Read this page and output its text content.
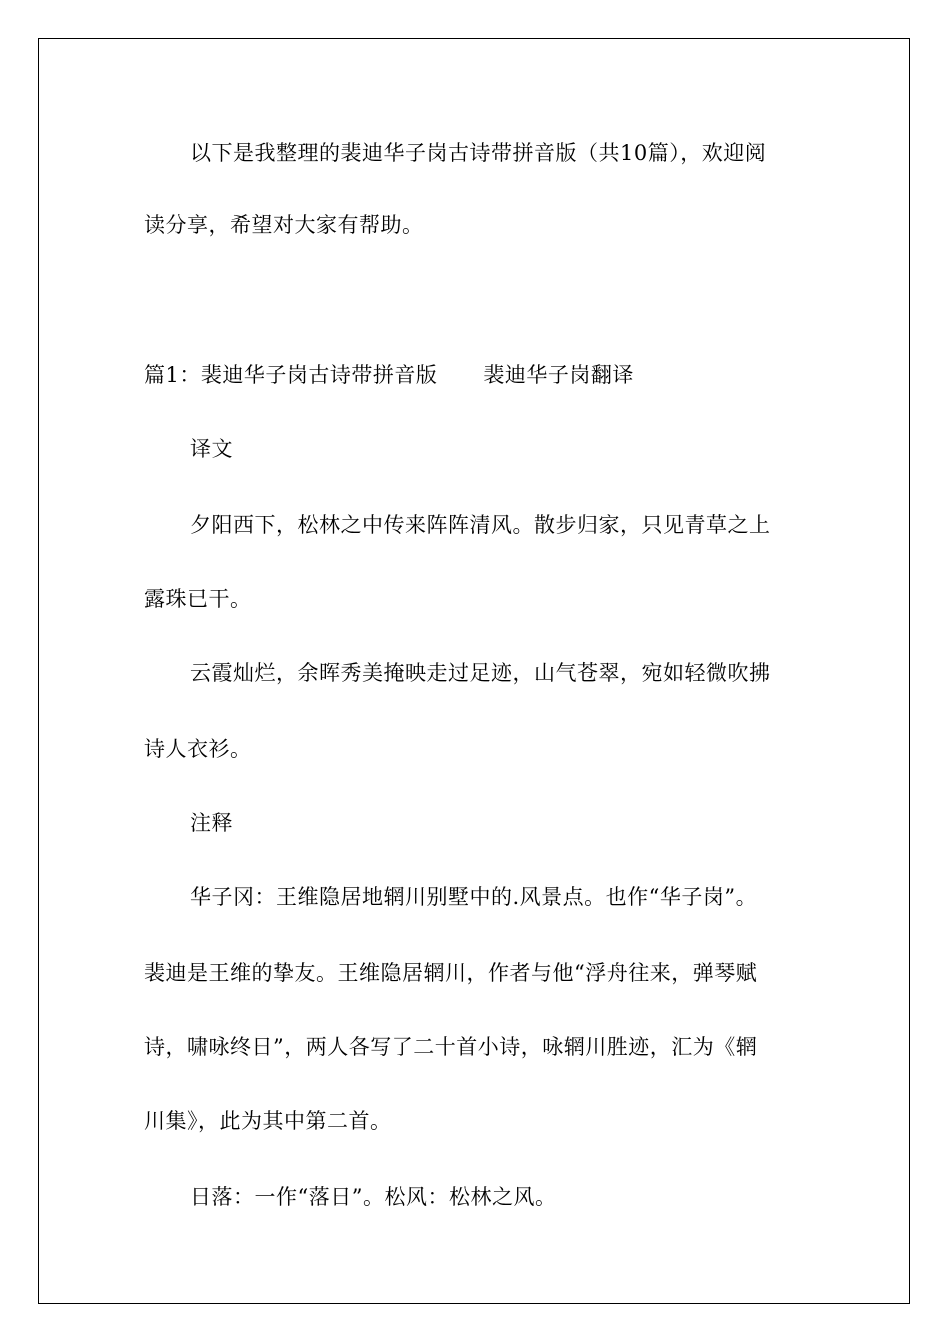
以下是我整理的裴迪华子岗古诗带拼音版（共10篇），欢迎阅
读分享，希望对大家有帮助。
篇1：裴迪华子岗古诗带拼音版 裴迪华子岗翻译
译文
夕阳西下，松林之中传来阵阵清风。散步归家，只见青草之上
露珠已干。
云霞灿烂，余晖秀美掩映走过足迹，山气苍翠，宛如轻微吹拂
诗人衣衫。
注释
华子冈：王维隐居地辋川别墅中的.风景点。也作“华子岗”。
裴迪是王维的挚友。王维隐居辋川，作者与他“浮舟往来，弹琴赋
诗，啸咏终日”，两人各写了二十首小诗，咏辋川胜迹，汇为《辋
川集》，此为其中第二首。
日落：一作“落日”。松风：松林之风。
